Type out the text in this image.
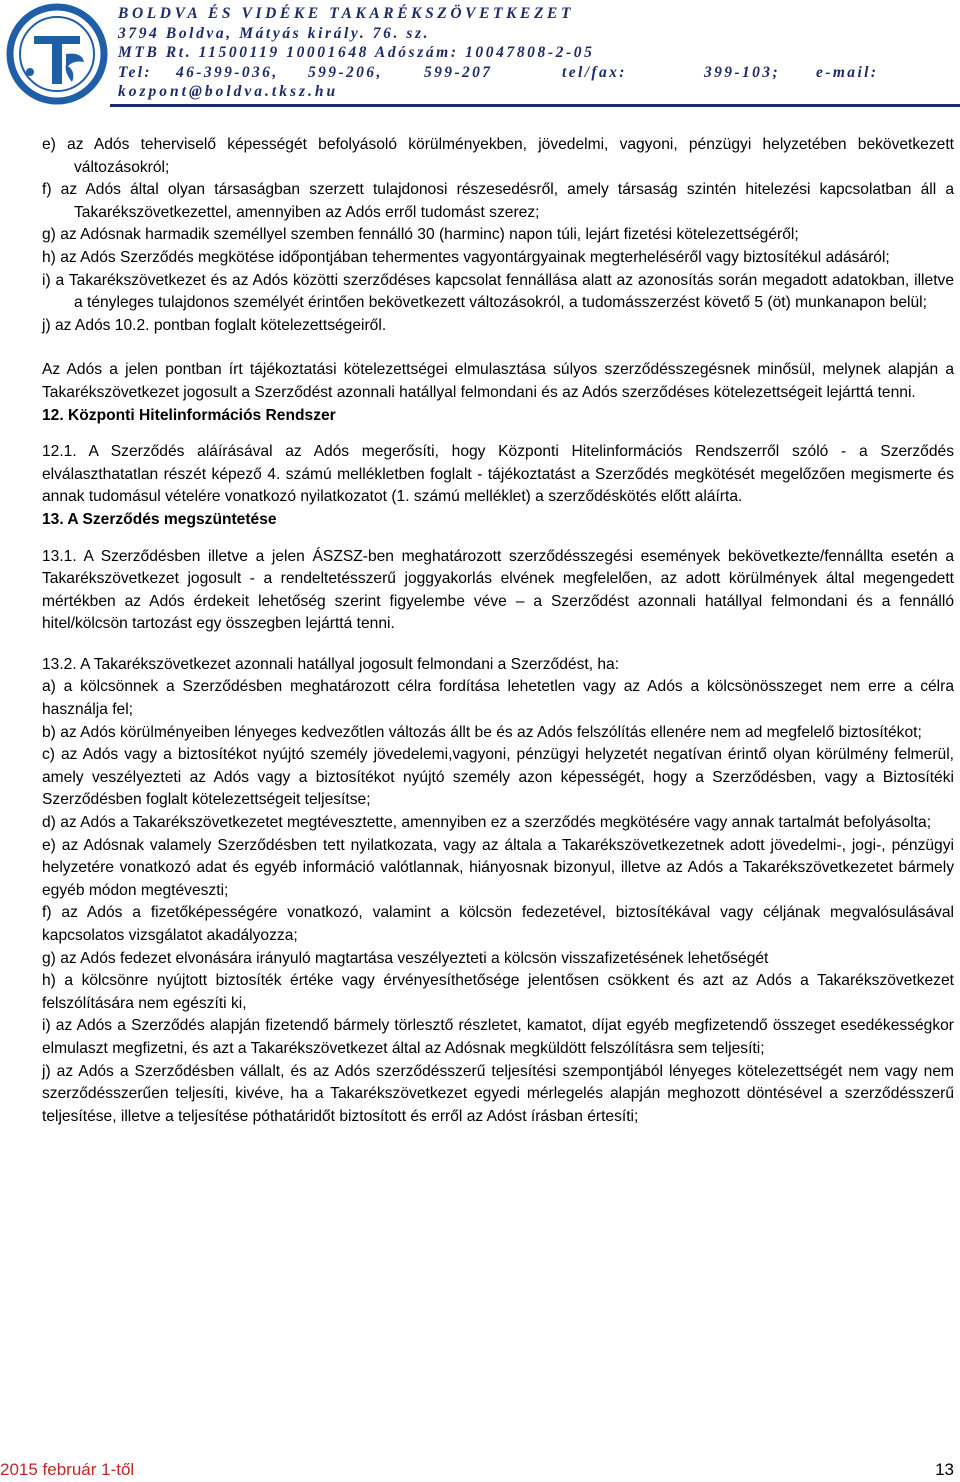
BOLDVA ÉS VIDÉKE TAKARÉKSZÖVETKEZET
3794 Boldva, Mátyás király. 76. sz.
MTB Rt. 11500119 10001648 Adószám: 10047808-2-05
Tel:	46-399-036,	599-206,	599-207	tel/fax:	399-103;	e-mail:
kozpont@boldva.tksz.hu

e) az Adós teherviselő képességét befolyásoló körülményekben, jövedelmi, vagyoni, pénzügyi helyzetében bekövetkezett változásokról;

f) az Adós által olyan társaságban szerzett tulajdonosi részesedésről, amely társaság szintén hitelezési kapcsolatban áll a Takarékszövetkezettel, amennyiben az Adós erről tudomást szerez;

g) az Adósnak harmadik személlyel szemben fennálló 30 (harminc) napon túli, lejárt fizetési kötelezettségéről;

h) az Adós Szerződés megkötése időpontjában tehermentes vagyontárgyainak megterheléséről vagy biztosítékul adásáról;

i) a Takarékszövetkezet és az Adós közötti szerződéses kapcsolat fennállása alatt az azonosítás során megadott adatokban, illetve a tényleges tulajdonos személyét érintően bekövetkezett változásokról, a tudomásszerzést követő 5 (öt) munkanapon belül;

j) az Adós 10.2. pontban foglalt kötelezettségeiről.

Az Adós a jelen pontban írt tájékoztatási kötelezettségei elmulasztása súlyos szerződésszegésnek minősül, melynek alapján a Takarékszövetkezet jogosult a Szerződést azonnali hatállyal felmondani és az Adós szerződéses kötelezettségeit lejárttá tenni.

12. Központi Hitelinformációs Rendszer

12.1. A Szerződés aláírásával az Adós megerősíti, hogy Központi Hitelinformációs Rendszerről szóló - a Szerződés elválaszthatatlan részét képező 4. számú mellékletben foglalt - tájékoztatást a Szerződés megkötését megelőzően megismerte és annak tudomásul vételére vonatkozó nyilatkozatot (1. számú melléklet) a szerződéskötés előtt aláírta.

13. A Szerződés megszüntetése

13.1. A Szerződésben illetve a jelen ÁSZSZ-ben meghatározott szerződésszegési események bekövetkezte/fennállta esetén a Takarékszövetkezet jogosult - a rendeltetésszerű joggyakorlás elvének megfelelően, az adott körülmények által megengedett mértékben az Adós érdekeit lehetőség szerint figyelembe véve – a Szerződést azonnali hatállyal felmondani és a fennálló hitel/kölcsön tartozást egy összegben lejárttá tenni.

13.2. A Takarékszövetkezet azonnali hatállyal jogosult felmondani a Szerződést, ha:

a) a kölcsönnek a Szerződésben meghatározott célra fordítása lehetetlen vagy az Adós a kölcsönösszeget nem erre a célra használja fel;

b) az Adós körülményeiben lényeges kedvezőtlen változás állt be és az Adós felszólítás ellenére nem ad megfelelő biztosítékot;

c) az Adós vagy a biztosítékot nyújtó személy jövedelemi,vagyoni, pénzügyi helyzetét negatívan érintő olyan körülmény felmerül, amely veszélyezteti az Adós vagy a biztosítékot nyújtó személy azon képességét, hogy a Szerződésben, vagy a Biztosítéki Szerződésben foglalt kötelezettségeit teljesítse;

d) az Adós a Takarékszövetkezetet megtévesztette, amennyiben ez a szerződés megkötésére vagy annak tartalmát befolyásolta;

e) az Adósnak valamely Szerződésben tett nyilatkozata, vagy az általa a Takarékszövetkezetnek adott jövedelmi-, jogi-, pénzügyi helyzetére vonatkozó adat és egyéb információ valótlannak, hiányosnak bizonyul, illetve az Adós a Takarékszövetkezetet bármely egyéb módon megtéveszti;

f) az Adós a fizetőképességére vonatkozó, valamint a kölcsön fedezetével, biztosítékával vagy céljának megvalósulásával kapcsolatos vizsgálatot akadályozza;

g) az Adós fedezet elvonására irányuló magtartása veszélyezteti a kölcsön visszafizetésének lehetőségét

h) a kölcsönre nyújtott biztosíték értéke vagy érvényesíthetősége jelentősen csökkent és azt az Adós a Takarékszövetkezet felszólítására nem egészíti ki,

i) az Adós a Szerződés alapján fizetendő bármely törlesztő részletet, kamatot, díjat egyéb megfizetendő összeget esedékességkor elmulaszt megfizetni, és azt a Takarékszövetkezet által az Adósnak megküldött felszólításra sem teljesíti;

j) az Adós a Szerződésben vállalt, és az Adós szerződésszerű teljesítési szempontjából lényeges kötelezettségét nem vagy nem szerződésszerűen teljesíti, kivéve, ha a Takarékszövetkezet egyedi mérlegelés alapján meghozott döntésével a szerződésszerű teljesítése, illetve a teljesítése póthatáridőt biztosított és erről az Adóst írásban értesíti;

2015 február 1-től	13
